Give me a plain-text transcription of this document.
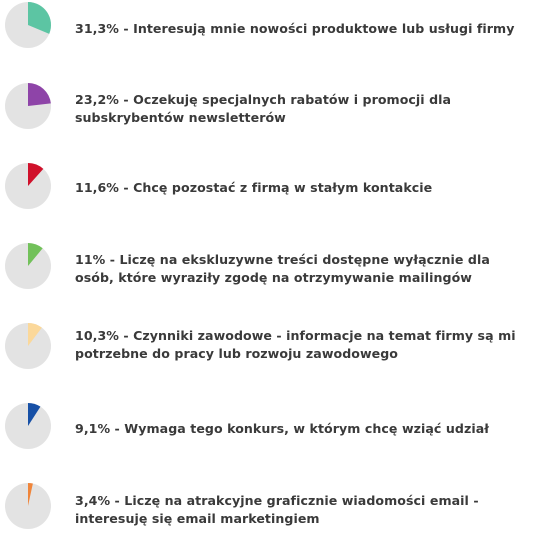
31,3% - Interesują mnie nowości produktowe lub usługi firmy
23,2% - Oczekuję specjalnych rabatów i promocji dla subskrybentów newsletterów
11,6% - Chcę pozostać z firmą w stałym kontakcie
11% - Liczę na ekskluzywne treści dostępne wyłącznie dla osób, które wyraziły zgodę na otrzymywanie mailingów
10,3% - Czynniki zawodowe - informacje na temat firmy są mi potrzebne do pracy lub rozwoju zawodowego
9,1% - Wymaga tego konkurs, w którym chcę wziąć udział
3,4% - Liczę na atrakcyjne graficznie wiadomości email - interesuję się email marketingiem
